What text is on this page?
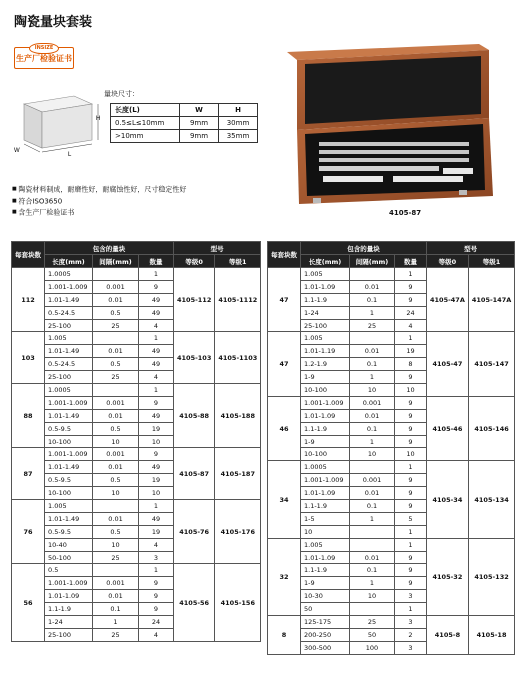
陶瓷量块套装
INSIZE
生产厂检验证书
H
W
L
量块尺寸：
长度(L)	W	H
0.5≤L≤10mm	9mm	30mm
>10mm	9mm	35mm
4105-87
■ 陶瓷材料制成，耐磨性好，耐腐蚀性好，尺寸稳定性好
■ 符合ISO3650
■ 含生产厂检验证书
每套块数	包含的量块			型号	
	长度(mm)	间隔(mm)	数量	等级0	等级1
112	1.0005		1	4105-112	4105-1112
	1.001-1.009	0.001	9		
	1.01-1.49	0.01	49		
	0.5-24.5	0.5	49		
	25-100	25	4		
103	1.005		1	4105-103	4105-1103
	1.01-1.49	0.01	49		
	0.5-24.5	0.5	49		
	25-100	25	4		
88	1.0005		1	4105-88	4105-188
	1.001-1.009	0.001	9		
	1.01-1.49	0.01	49		
	0.5-9.5	0.5	19		
	10-100	10	10		
87	1.001-1.009	0.001	9	4105-87	4105-187
	1.01-1.49	0.01	49		
	0.5-9.5	0.5	19		
	10-100	10	10		
76	1.005		1	4105-76	4105-176
	1.01-1.49	0.01	49		
	0.5-9.5	0.5	19		
	10-40	10	4		
	50-100	25	3		
56	0.5		1	4105-56	4105-156
	1.001-1.009	0.001	9		
	1.01-1.09	0.01	9		
	1.1-1.9	0.1	9		
	1-24	1	24		
	25-100	25	4		
每套块数	包含的量块			型号	
	长度(mm)	间隔(mm)	数量	等级0	等级1
47	1.005		1	4105-47A	4105-147A
	1.01-1.09	0.01	9		
	1.1-1.9	0.1	9		
	1-24	1	24		
	25-100	25	4		
47	1.005		1	4105-47	4105-147
	1.01-1.19	0.01	19		
	1.2-1.9	0.1	8		
	1-9	1	9		
	10-100	10	10		
46	1.001-1.009	0.001	9	4105-46	4105-146
	1.01-1.09	0.01	9		
	1.1-1.9	0.1	9		
	1-9	1	9		
	10-100	10	10		
34	1.0005		1	4105-34	4105-134
	1.001-1.009	0.001	9		
	1.01-1.09	0.01	9		
	1.1-1.9	0.1	9		
	1-5	1	5		
	10		1		
32	1.005		1	4105-32	4105-132
	1.01-1.09	0.01	9		
	1.1-1.9	0.1	9		
	1-9	1	9		
	10-30	10	3		
	50		1		
8	125-175	25	3	4105-8	4105-18
	200-250	50	2		
	300-500	100	3		
